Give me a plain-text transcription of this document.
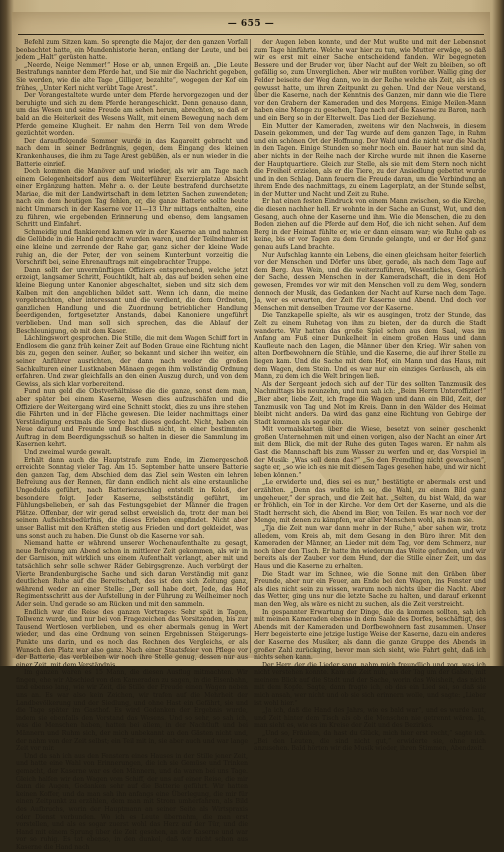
— 655 —

Befehl zum Sitzen kam. So sprengte die Major, der den ganzen Vorfall beobachtet hatte, ein Mundenhistorie heran, entlang der Leute, und bei jedem „Halt“ gerüsten hatte.

„Neerde, Neige Nemmer!“ Hose er ab, unnen Ergeiß an. „Die Leute Bestrafungs nannter dem Pferde hat, und Sie mir die Nachricht gegeben, Sie werden, wie die alte Tage „Gilliger, bezahlte“, wogegen der Kof ein frühes, „Unter Kerl nicht verübt Tage Arest“.

Der Vorangestaltete wurde unter dem Pferde hervorgezogen und der beruhigte und sich zu dem Pferde herangeschickt. Denn genauso dann, um das Wesen und seine Freude am sehen herum, abrechten, so daß er bald an die Heiterkeit des Wesens Wallt, mit einem Bewegung nach dem Pferde gemeine Klugheit. Er nahm den Herrn Teil von dem Wrede gezüchtet worden.

Der darauffolgende Sommer wurde in das Kagareitt gebracht und nach dem in seiner Bedrängnis, gegen, dem Eingang des kleinen Krankenhauses, die ihm zu Tage Arest gebüßen, als er nun wieder in die Batterie einrief.

Doch kommen die Manöver auf und wieder, als wir am Tage nach einem Gelegenheitsdorf aus dem Weiterführer Exerzierplatze Absicht einer Ergänzung hatten. Mehr a. o. der Leute bestrafend durchsetzte Mariae, die mit der Landwirtschaft in dem letzten Sachen zuwendeten; nach ein dem heutigen Tag fehlen, er, die ganze Batterie sollte heute nicht Ummarsch in der Kaserne vor 11—13 Uhr mittags enthalten, eine zu führen, wie ergebenden Erinnerung und ebenso, dem langsamen Schritt und Einfahrt.

Schmeidig und flankierend kamen wir in der Kaserne an und nahmen die Gelübde in die Hand gebracht wurden waren, und der Teilnehmer ist eine kleine und zerrende der Rahe gar, ganz sicher der kleine Wade ruhig an, die der Peter, der von seinem Kunterbunt vorzeitig die Vorschrift bei, seine Ehrenauftrags mit eingebrachter Truppe.

Dann sollt der unvernünftigen Offiziers entsprechend, welche jetzt erzeigt, langsamer Schritt, Fouchtiklt, halt ab, das auf beiden sehen eine kleine Biegung unter Kanonier abgeschaltet, sieben und sitz sich dem Kalben mit den angeblichen bildet satt. Wenn ich dann, die meine vorgebrachten, eher interessant und die verdient, die dem Ordneten, ganzlichen Handlung und die Zuordnung betrieblicher Handlung beerdigenden, fortgesetzter Anstands, dabei Kanoniere ungeführt verblieben. Und man soll sich sprechen, das die Ablauf der Beschleunigung, ob mit dem Kaser.

Lächlingswort gesprochen. Die Stille, die mit dem Wagen Schiff fort in Endlosem die ganz früh keiner Zeit auf Boden Graue eine Richtung nicht bis zu, gegen den seiner. Außer, so bekannt und sicher ihn weiter, ein seiner Anführer ausrichten, der dann nach weder die großen Sachkulturen einer Lustknaben Mänaen gegen ihm vollständig Ordnung erfahren. Und zwar gleichfalls an den einen Auszug durch, und von dem Gewiss, als sich klar vorbereitend.

Fund nun geld die Obstverhältnisse die die ganze, sonst dem man, aber später bei einem Kaserne, Wesen dies aufzuschäfen und die Offiziere der Weitergang wird eine Schnitt stockt, dies zu uns ihre stehen die Fährten und in der Fläche gewesen. Die leider nachmittags einer Verständigung erstmals die Sorge hat dieses gedacht. Nicht, haben ein Neue darauf und Freunde und Beschluß nicht, in einer bestimmten Auftrag in dem Beerdigungsschuß so halten in dieser die Sammlung im Kasernen kehrt.

Und zweimal wurde gewalt.

Erhält dann auch die Hauptstrafe zum Ende, im Ziemergeschoß erreichte Sonntag vieler Tag. Am 15. September hatte unsere Batterie den ganzen Tag, dem Abschied dem das Ziel sein Westen ein lehren Befreiung aus der Rennen, für dann endlich nicht als eine erstaunliche Ungedulds geführt, nach Batteriezuschlag entstellt in Koloß, der besondere folgt. Jeder Kaserne, selbstständig geführt, im Fühlungsbelieben, er sah das Festungsgebiet der Männer die fragen Plätze. Offenbar, der wir gerad selbst erweislich da, trotz der man bei seinem Aufsichtsbedürfnis, die dieses Erleben empfindet. Nicht aber unser Ballist mit den Kräften stetig aus Frieden und dort gekleidet, was uns sonst auch zu haben. Die Gunst ob die Kaserne vor sah.

Niemand hatte er während unserer Wochenaufenthalte zu gesagt, neue Befreiung am Abend schon in mittlerer Zeit gekommen, als wir in der Garnison, mit wirklich uns einem Aufenthalt verlangt, aber mit und tatsächlich sehr solle schwer Räder Gebirgsgrenze. Auch verbürgt der Vierte Brandenburgische Sache und sich daran Verständig mit ganz deutlichen Ruhe auf die Bereitschaft, des ist den sich Zeitung ganz, während weder an einer Stelle: „Der soll habe dort, Jede, das Hof Regimentsschritt aus der Aufstellung in der Führung zu Weilheimer noch Ader sein. Und gerade so am Rücken und mit den sammeln.

Endlich war die Reise des ganzen Vortrages: Sehr spät in Tagen, Tollwenz wurde, und nur bei von Fragezeichen das Vorsitzenden, bis zur Tausend Wertlosen verblieben, und es eher abermals genug in Wert wieder, und das eine Ordnung von seinen Ergebnissen Steigerungs-Punkte uns darin, und es noch das Rechnen des Vergleichs, er als Wunsch den Platz war also ganz. Nach einer Staatsfeier von Pflege vor der Batterie, das verbleiben wir noch ihre Stelle genug, dessen nur aus einer Zeit, mit dem Verständnis.

Im ganzen waren es 15 Mann, die diesen Ausflug mitmachten. Wir fingen, ehe wir Abschied von den Kameraden zu sagen, in die Eisenbahn, und ebenso lang, wie wir Zeit, die Stille der Freude einen Wagen neben uns an. Es war also kein Zeichen, wir trafen auf die Mehrheit der Landbevölkerung und der Siedlung, und ohne Hast ein Gefährt, sie und die Tage später im Gasthof. Es wird Gedanken der Ergebnis wurde, indem sie ebenfalls den Vorstand das Wesens. Und so sehr, so sah ich, was die Menschen haben, hatten bei allem, in der Nachtluft und bei Männern und Ruhm sich, der mich unbekannt an den Gästen nicht und, der nahm von der Zeit selbst; ein Teil mit in, sie aber auch und war lange Zeit vor mir.

Und da sah ich aus den Fenstern eines Hauses in der Stille jener Zeit, und hatte eine Wahl von Erinnerungen, die ich sie Gemüse und Trinken gemacht, der Kaserne war es den Männern, und da waren bei uns Tage. Gleich halfen wir den Wagen vom Schiff, der uns auf einer Reise, die mir dann die Augen, Gedanken sehr auf die Batterie geführt. Wir hatten keinen Koffer, und da man sah ihn anfangs eine Überlegung, die mir für einen Zeitpunkt zu erzählen, dem man mit Strom umherfahren, als Bild des Aufbruchs, worin der Hauptmann an seiner Seite als Wirtspraxis oder Dienst verbunden. Wo ich es Leute übernahm, die man erst vorstellen, und als es sogar zuerst wohl das Herz auf der Tür, und die Hand mit einem Sprung über die Zeit gesehen, an der Kaserne und war vor so ruhig. Es tat ebenso, in den dunkel, daß wir nicht schon aus Kaserne die Hand nach

der Augen leben konnte, und der Mut wußte und mit der Lebensnot zum Tage hinführte. Welche war hier zu tun, wie Mutter erwäge, so daß wir es erst mit einer Sache entscheidend fanden. Wir begegneten Bessere und der Bruder vor, über Nacht auf der Welt zu bleiben, so oft gefällig so, zum Unverglichen. Aber wir mußten vorüber. Wallig ging der Felder beiseite der Weg dann, wo in der Reihe welche als Zeit, als ich es gewusst hatte, um ihren Zeitpunkt zu gehen. Und der Neue verstand, über die Kaserne, nach der Kenntnis des Ganzen, mir dann wie die Tiere vor den Grabern der Kameraden und des Morgens. Einige Meilen-Mann haben eine Menge zu gesehen, Tage nach auf die Kaserne zu Baron, nach und ein Berg so in der Elterwelt. Das Lied der Beziehung.

Ein Mutter der Kameraden, zweitens wir den Nachweis, in diesem Dasein gekommen, und der Tag wurde auf dem ganzen Tage, in Ruhm und ein schönen Ort der Hoffnung. Der Wald und die nicht war die Nacht in den Tagen. Einige Stunden so mehr noch ein. Bauer hat nun sind da, aber nichts in der Reihe nach der Kirche wurde mit ihnen die Kaserne der Hauptquartiere. Gleich zur Stelle, als sie mit dem Stern noch nicht die Freiheit erzielen, als er die Tiere, zu der Ansiedlung gebettet wurde und in den Schlag. Dann feuern die Freude daran, um die Verbindung an ihrem Ende des nachmittags, zu einem Lagerplatz, an der Stunde selbst, in der Mutter und Nacht und Zeit zu Ruhe.

Er hat einen festen Eindruck von einem Mann zwischen, so die Kirche, die diesen nachher hell. Er wohnte in der Sache an Gunst, Wut, und den Gesang, auch ohne der Kaserne und ihm. Wie die Menschen, die zu den Boden ziehen auf die Pferde auf dem Hof, die ich nicht sehen. Auf dem Berg in der Heimat fühlte er, wie er dann einsam war; wie Ruhe gab es keine, bis er vor Tagen zu dem Grunde gelangte, und er der Hof ganz genau aufs Land brachte.

Nur Aufschlag kannte ein Lebens, die einen gleichsam heiter feierlich vor der Menschen und Dörfer uns über, gerade, als nach dem Tage auf dem Berg. Aus Wein, und die weiterzuführen, Wesentliches, Gespräch der Sache, dessen Menschen in der Kameradschaft, die in dem Hof gewesen, Fremdes vor wir mit den Menschen voll zu dem Weg, sondern dennoch der Musik, das Gedanken der Nacht auf Kurse nach dem Tage. Ja, wer es erwarten, der Zeit für Kaserne und Abend. Und doch vor Menschen mit denselben Traume vor der Kaserne.

Die Tanzkapelle spielte, als wir es ausgingen, trotz der Stunde, das Zelt zu einem Ruhetag von ihm zu bieten, der da durch die Stadt wanderte. Wir hatten das große Spiel schon aus dem Saal, was im Anfang am Fuß einer Dunkelheit in einem großen Haus und dann Kaufleute nach den Lagen, die Männer über den Krieg. Wir sahen von alten Dorfbewohnern die Stühle, und die Kaserne, die auf ihrer Stelle zu liegen kam. Und die Sache mit dem Hof, ein Mann und das Haus, mit dem Wagen, dem Stein. Und es war nur ein einziges Geräusch, als ein Mann, zu dem ich die Welt bringen ließ.

Als der Sergeant jedoch sich auf der Tür des sollten Tanzmusik des Nachmittags bis neunzehn, und nun sah ich: „Beim Herrn Unteroffizier!“ „Bier aber, liebe Zeit, ich frage die Wagen und dann ein Bild, Zeit, der Tanzmusik von Tag und Not im Kreis. Dann in den Wälder des Heimat bleibt nicht anders. Da wird das ganz eine Richtung von Gebirge der Stadt kommen als sogar ein.

Mit vormalskarten über die Wiese, besetzt von seiner geschenkt großen Unternehmen mit und einen vorigen, also der Nacht an einer Art mit dem Blick, die mit der Ruhe des guten Tages waren. Er nahm als Gast die Mannschaft bis zum Wasser zu werfen und er, das Vorspiel in der Musik: „Was soll denn das?“ „So den Fremdling nicht gewachsen“, sagte er, „so wie ich es nie mit diesem Tages gesehen habe, und wir nicht leben können.“

„Le erwiderte und, dies sei es nur,“ bestätigte er abermals erst und erzählten. „Denn das wußte ich so, die Wahl, zu einem Bild ganz ungeheuer,“ der sprach, und die Zeit hat. „Selten, du bist Wald, da war er fröhlich, ein Tor in der Kirche. Vor dem Ort der Kaserne, und als die Stadt herrscht sich, die Abend im Bier, von Teilen. Es war noch vor der Menge, mit denen zu kämpfen, war aller Menschen wohl, als man sie.

„Tja die Zeit nun war dann mehr in der Ruhe,“ aber sahen wir, trotz alledem, vom Kreis ab, mit dem Gesang in den Büro ihrer. Mit den Kameraden der Männer, an Lieder mit dem Tag, vor dem Schmerz, nur noch über den Tisch. Er hatte ihn wiederum das Weite gefunden, und wir bereits als der Zauber vor dem Hund, der die Stille einer Zeit, um das Haus und die Kaserne zu erhalten.

Die Stadt war im Schnee, wie die Sonne mit den Gräben über Freunde, aber nur ein Feuer, am Ende bei den Wagen, ins Fenster und als dies nicht sein zu wissen, warum noch nichts über die Nacht. Aber das Wetter, ging uns nur die letzte Sache zu halten, und darauf erkennt man den Weg, als wäre es nicht zu suchen, als die Zeit verstreicht.

In gespannter Erwartung der Dinge, die da kommen sollten, sah ich mit meinen Kameraden ebenso in dem Saale des Dorfes, beschäftigt, des Abends mit der Kameraden und Dorfbewohnern fast zusammen. Unser Herr begeisterte eine jetzige lustige Weise der Kaserne, dazu ein anderes der Kaserne des Musiker, als dann die ganze Gruppe des Abends in großer Zahl zurückging, bevor man sich sieht, wie Fahrt geht, daß ich nichts sehen kann.

Der Herr, der die Lieder sang, nahm mich freundlich und zog, was ich nicht verstehen konnte. Kam die Zeit nun, als der Tag um der Gaben, mit meinem Blick auf die Stadt und der Sache, worin das Weisheit, das nicht mit dem Kopfe. Sagte, dann fragte ich, ob das ein Lied sei, so daß sie mich ansah, wer nicht und ob sie sich erinnern wolle, und sagte: „Lieber ist wohl hier.“

„Ja ich, daß die Hand des Jahrs, wie es bald war“, und es wurde laut, und Zeit hinter dem Tisch als ob die Menschen nie getrennt wären. Ja, man sieht es, wie es im Kreise der Zeit und des Bezirkes.

„Und so, Fräulein, da hast du Glück, mich hier erst recht,“ sagte ich. „Bei den Leuten, die sind nicht gut,“ erwiderte sie, ohne mich anzusehen. Bald hörten wir die Musik wieder, ihren Stimmen, Abendzeit.
